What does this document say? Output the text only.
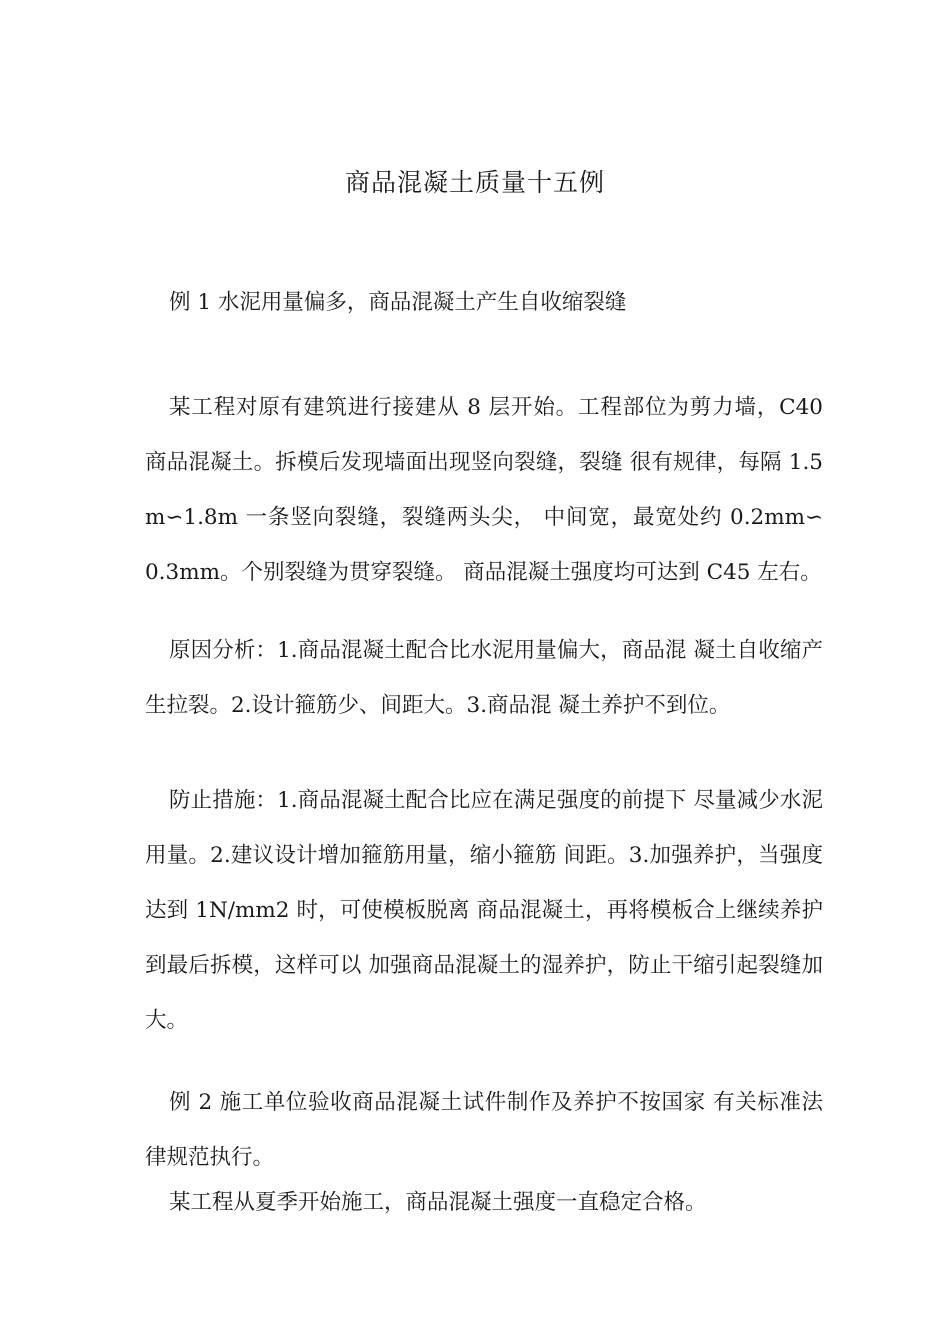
商品混凝土质量十五例

例 1 水泥用量偏多，商品混凝土产生自收缩裂缝

某工程对原有建筑进行接建从 8 层开始。工程部位为剪力墙，C40 商品混凝土。拆模后发现墙面出现竖向裂缝，裂缝 很有规律，每隔 1.5m∽1.8m 一条竖向裂缝，裂缝两头尖， 中间宽，最宽处约 0.2mm∽0.3mm。个别裂缝为贯穿裂缝。 商品混凝土强度均可达到 C45 左右。

原因分析：1.商品混凝土配合比水泥用量偏大，商品混 凝土自收缩产生拉裂。2.设计箍筋少、间距大。3.商品混 凝土养护不到位。

防止措施：1.商品混凝土配合比应在满足强度的前提下 尽量减少水泥用量。2.建议设计增加箍筋用量，缩小箍筋 间距。3.加强养护，当强度达到 1N/mm2 时，可使模板脱离 商品混凝土，再将模板合上继续养护到最后拆模，这样可以 加强商品混凝土的湿养护，防止干缩引起裂缝加大。

例 2 施工单位验收商品混凝土试件制作及养护不按国家 有关标准法律规范执行。

某工程从夏季开始施工，商品混凝土强度一直稳定合格。
